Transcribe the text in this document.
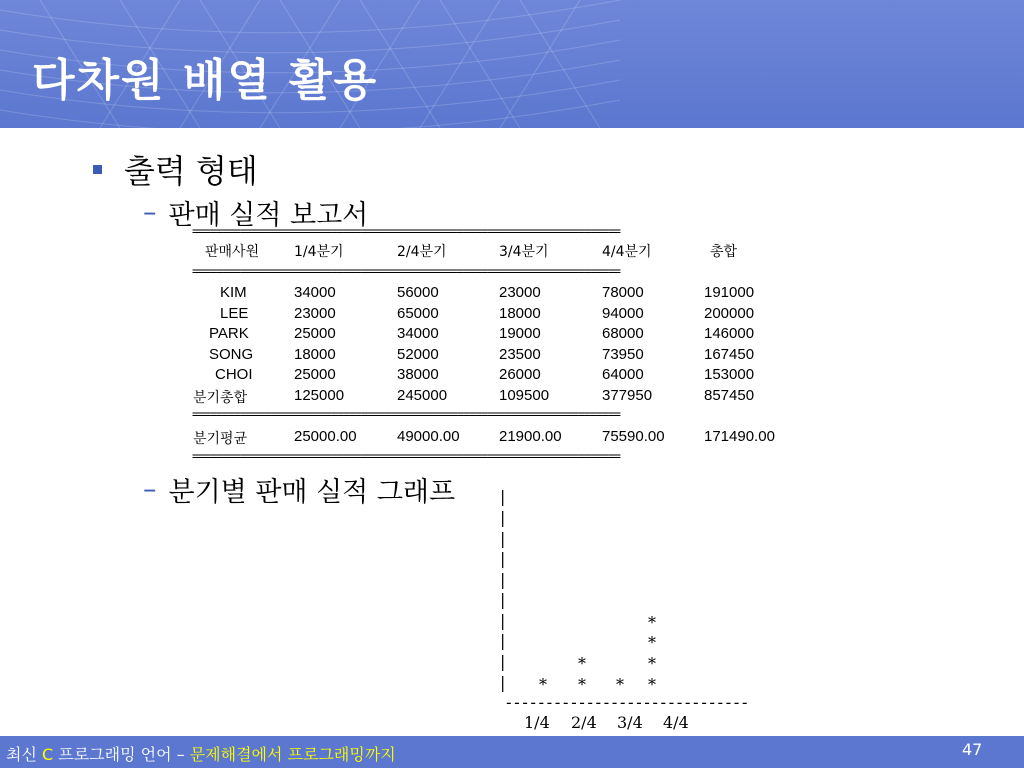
다차원 배열 활용
출력 형태
– 판매 실적 보고서
=======================================================================
판매사원 1/4분기	2/4분기	3/4분기	4/4분기	총합
=======================================================================
KIM	34000	56000	23000	78000	191000
LEE	23000	65000	18000	94000	200000
PARK	25000	34000	19000	68000	146000
SONG	18000	52000	23500	73950	167450
CHOI	25000	38000	26000	64000	153000
분기총합	125000	245000	109500	377950	857450
=======================================================================
분기평균	25000.00	49000.00	21900.00	75590.00	171490.00
=======================================================================
– 분기별 판매 실적 그래프	|
|
|
|
|
|
|
|
|
|
*
*
*	*
* * * *
------------------------------
1/4 2/4 3/4 4/4
최신 C 프로그래밍 언어 – 문제해결에서 프로그래밍까지	47
